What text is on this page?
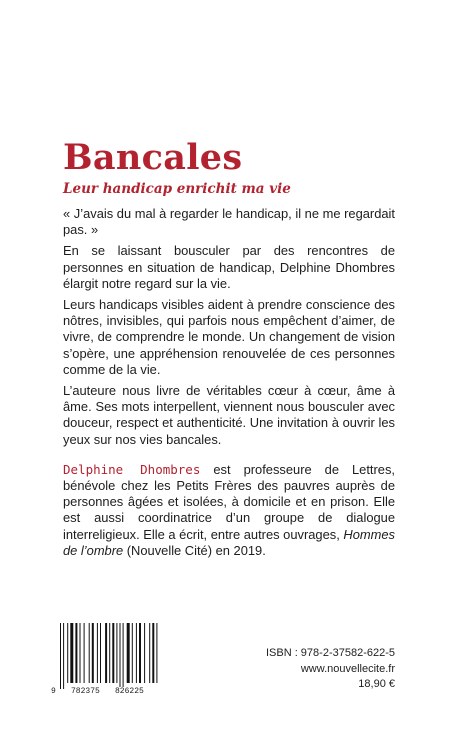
Bancales
Leur handicap enrichit ma vie

« J’avais du mal à regarder le handicap, il ne me regardait pas. »

En se laissant bousculer par des rencontres de personnes en situation de handicap, Delphine Dhombres élargit notre regard sur la vie.

Leurs handicaps visibles aident à prendre conscience des nôtres, invisibles, qui parfois nous empêchent d’aimer, de vivre, de comprendre le monde. Un changement de vision s’opère, une appréhension renouvelée de ces personnes comme de la vie.

L’auteure nous livre de véritables cœur à cœur, âme à âme. Ses mots interpellent, viennent nous bousculer avec douceur, respect et authenticité. Une invitation à ouvrir les yeux sur nos vies bancales.

Delphine Dhombres est professeure de Lettres, bénévole chez les Petits Frères des pauvres auprès de personnes âgées et isolées, à domicile et en prison. Elle est aussi coordinatrice d’un groupe de dialogue interreligieux. Elle a écrit, entre autres ouvrages, Hommes de l’ombre (Nouvelle Cité) en 2019.

9 782375 826225
ISBN : 978-2-37582-622-5
www.nouvellecite.fr
18,90 €
